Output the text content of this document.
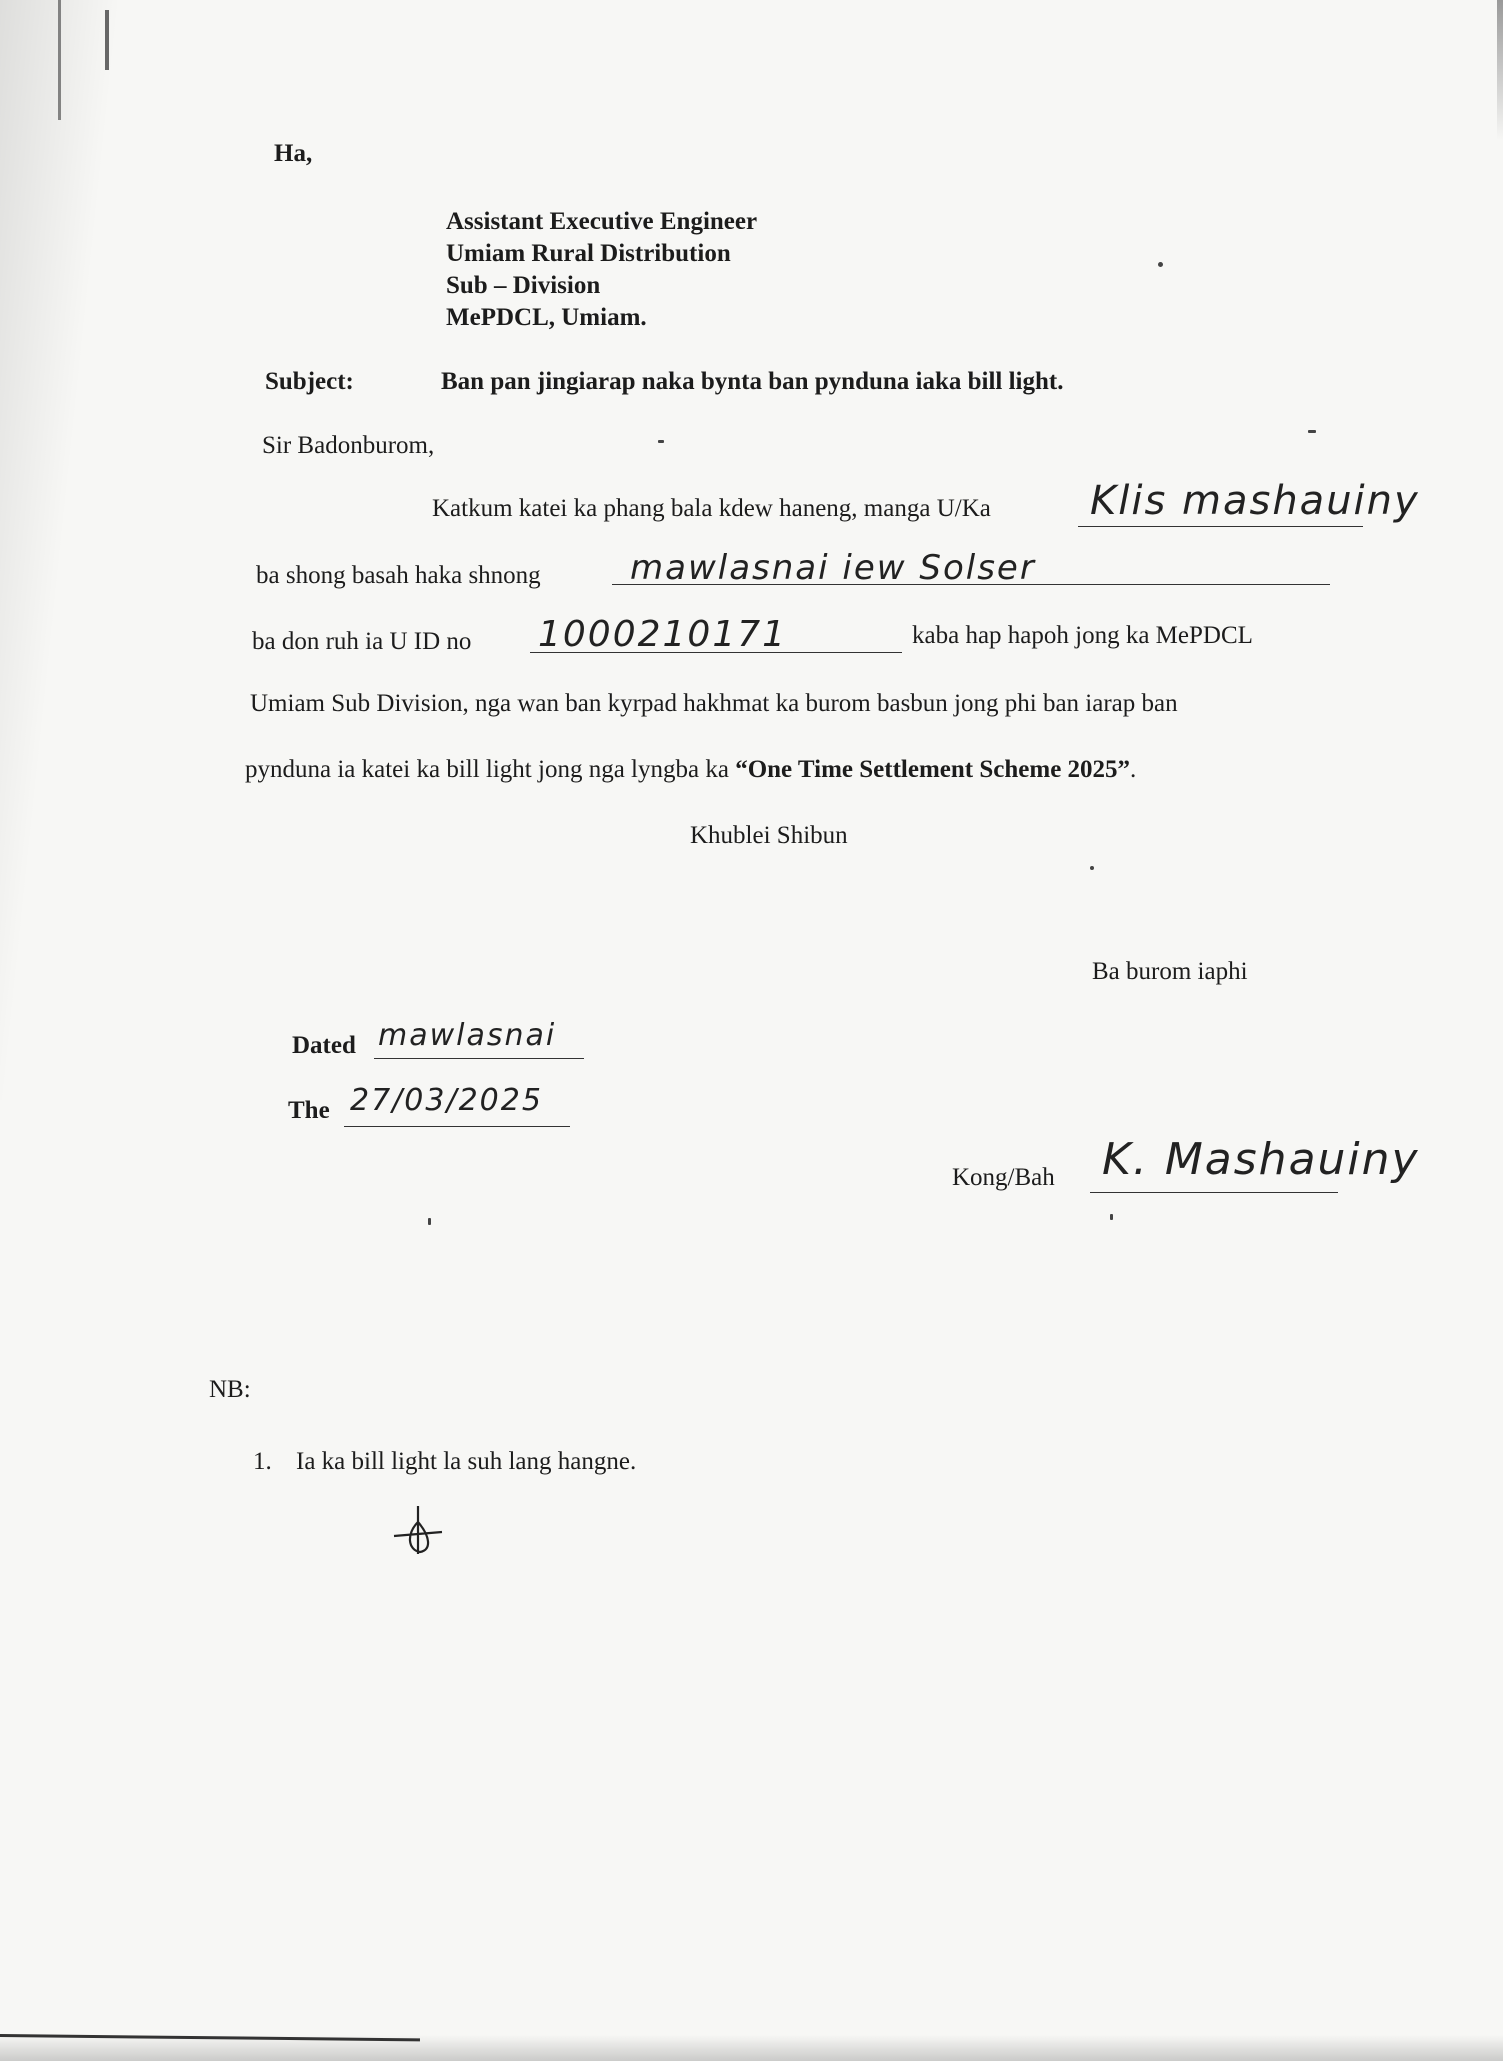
Ha,
Assistant Executive Engineer
Umiam Rural Distribution
Sub – Division
MePDCL, Umiam.
Subject:	Ban pan jingiarap naka bynta ban pynduna iaka bill light.
Sir Badonburom,
Katkum katei ka phang bala kdew haneng, manga U/Ka Klis mashauiny
ba shong basah haka shnong	mawlasnai iew Solser
ba don ruh ia U ID no 1000210171	kaba hap hapoh jong ka MePDCL
Umiam Sub Division, nga wan ban kyrpad hakhmat ka burom basbun jong phi ban iarap ban
pynduna ia katei ka bill light jong nga lyngba ka “One Time Settlement Scheme 2025”.
Khublei Shibun
Ba burom iaphi
Dated mawlasnai
The 27/03/2025
Kong/Bah K. Mashauiny
NB:
1. Ia ka bill light la suh lang hangne.
